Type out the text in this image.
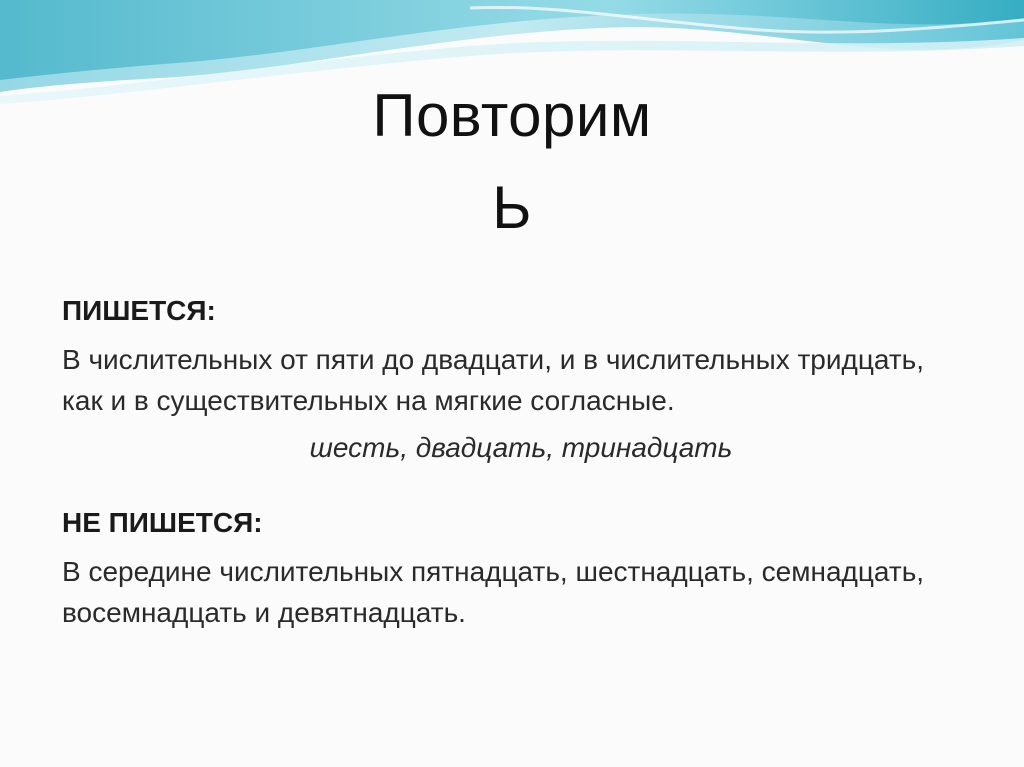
Повторим
Ь

ПИШЕТСЯ:

В числительных от пяти до двадцати, и в числительных тридцать, как и в существительных на мягкие согласные.

шесть, двадцать, тринадцать

НЕ ПИШЕТСЯ:

В середине числительных пятнадцать, шестнадцать, семнадцать, восемнадцать и девятнадцать.
